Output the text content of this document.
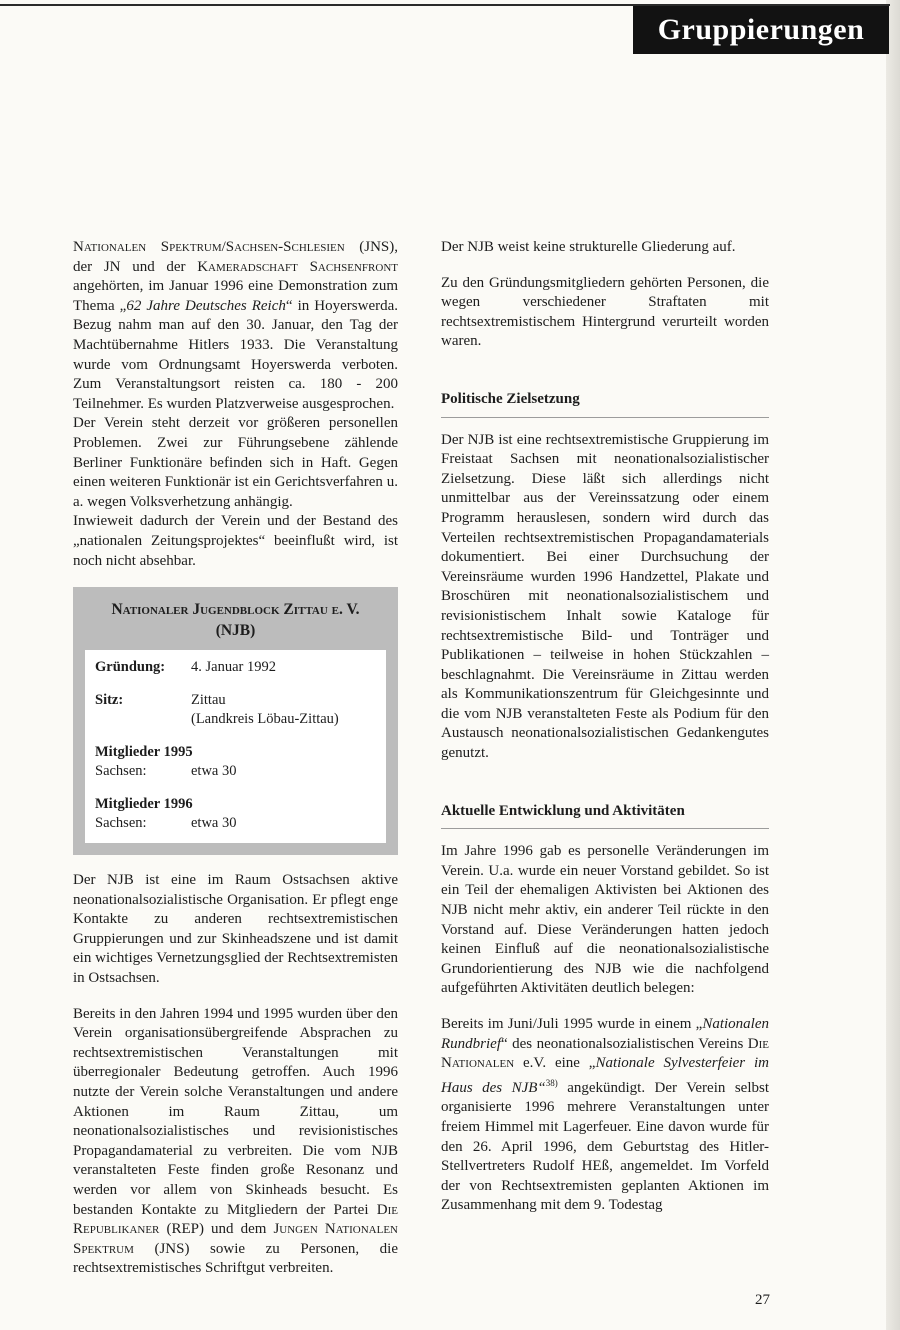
Gruppierungen

Nationalen Spektrum/Sachsen-Schlesien (JNS), der JN und der Kameradschaft Sachsenfront angehörten, im Januar 1996 eine Demonstration zum Thema „62 Jahre Deutsches Reich“ in Hoyerswerda. Bezug nahm man auf den 30. Januar, den Tag der Machtübernahme Hitlers 1933. Die Veranstaltung wurde vom Ordnungsamt Hoyerswerda verboten. Zum Veranstaltungsort reisten ca. 180 - 200 Teilnehmer. Es wurden Platzverweise ausgesprochen.

Der Verein steht derzeit vor größeren personellen Problemen. Zwei zur Führungsebene zählende Berliner Funktionäre befinden sich in Haft. Gegen einen weiteren Funktionär ist ein Gerichtsverfahren u. a. wegen Volksverhetzung anhängig.

Inwieweit dadurch der Verein und der Bestand des „nationalen Zeitungsprojektes“ beeinflußt wird, ist noch nicht absehbar.

Nationaler Jugendblock Zittau e. V.
(NJB)
Gründung:	4. Januar 1992
Sitz:	Zittau
(Landkreis Löbau-Zittau)
Mitglieder 1995
Sachsen:	etwa 30
Mitglieder 1996
Sachsen:	etwa 30

Der NJB ist eine im Raum Ostsachsen aktive neonationalsozialistische Organisation. Er pflegt enge Kontakte zu anderen rechtsextremistischen Gruppierungen und zur Skinheadszene und ist damit ein wichtiges Vernetzungsglied der Rechtsextremisten in Ostsachsen.

Bereits in den Jahren 1994 und 1995 wurden über den Verein organisationsübergreifende Absprachen zu rechtsextremistischen Veranstaltungen mit überregionaler Bedeutung getroffen. Auch 1996 nutzte der Verein solche Veranstaltungen und andere Aktionen im Raum Zittau, um neonationalsozialistisches und revisionistisches Propagandamaterial zu verbreiten. Die vom NJB veranstalteten Feste finden große Resonanz und werden vor allem von Skinheads besucht. Es bestanden Kontakte zu Mitgliedern der Partei Die Republikaner (REP) und dem Jungen Nationalen Spektrum (JNS) sowie zu Personen, die rechtsextremistisches Schriftgut verbreiten.

Der NJB weist keine strukturelle Gliederung auf.

Zu den Gründungsmitgliedern gehörten Personen, die wegen verschiedener Straftaten mit rechtsextremistischem Hintergrund verurteilt worden waren.

Politische Zielsetzung

Der NJB ist eine rechtsextremistische Gruppierung im Freistaat Sachsen mit neonationalsozialistischer Zielsetzung. Diese läßt sich allerdings nicht unmittelbar aus der Vereinssatzung oder einem Programm herauslesen, sondern wird durch das Verteilen rechtsextremistischen Propagandamaterials dokumentiert. Bei einer Durchsuchung der Vereinsräume wurden 1996 Handzettel, Plakate und Broschüren mit neonationalsozialistischem und revisionistischem Inhalt sowie Kataloge für rechtsextremistische Bild- und Tonträger und Publikationen – teilweise in hohen Stückzahlen – beschlagnahmt. Die Vereinsräume in Zittau werden als Kommunikationszentrum für Gleichgesinnte und die vom NJB veranstalteten Feste als Podium für den Austausch neonationalsozialistischen Gedankengutes genutzt.

Aktuelle Entwicklung und Aktivitäten

Im Jahre 1996 gab es personelle Veränderungen im Verein. U.a. wurde ein neuer Vorstand gebildet. So ist ein Teil der ehemaligen Aktivisten bei Aktionen des NJB nicht mehr aktiv, ein anderer Teil rückte in den Vorstand auf. Diese Veränderungen hatten jedoch keinen Einfluß auf die neonationalsozialistische Grundorientierung des NJB wie die nachfolgend aufgeführten Aktivitäten deutlich belegen:

Bereits im Juni/Juli 1995 wurde in einem „Nationalen Rundbrief“ des neonationalsozialistischen Vereins Die Nationalen e.V. eine „Nationale Sylvesterfeier im Haus des NJB“$^{38)}$ angekündigt. Der Verein selbst organisierte 1996 mehrere Veranstaltungen unter freiem Himmel mit Lagerfeuer. Eine davon wurde für den 26. April 1996, dem Geburtstag des Hitler-Stellvertreters Rudolf HEß, angemeldet. Im Vorfeld der von Rechtsextremisten geplanten Aktionen im Zusammenhang mit dem 9. Todestag

27
